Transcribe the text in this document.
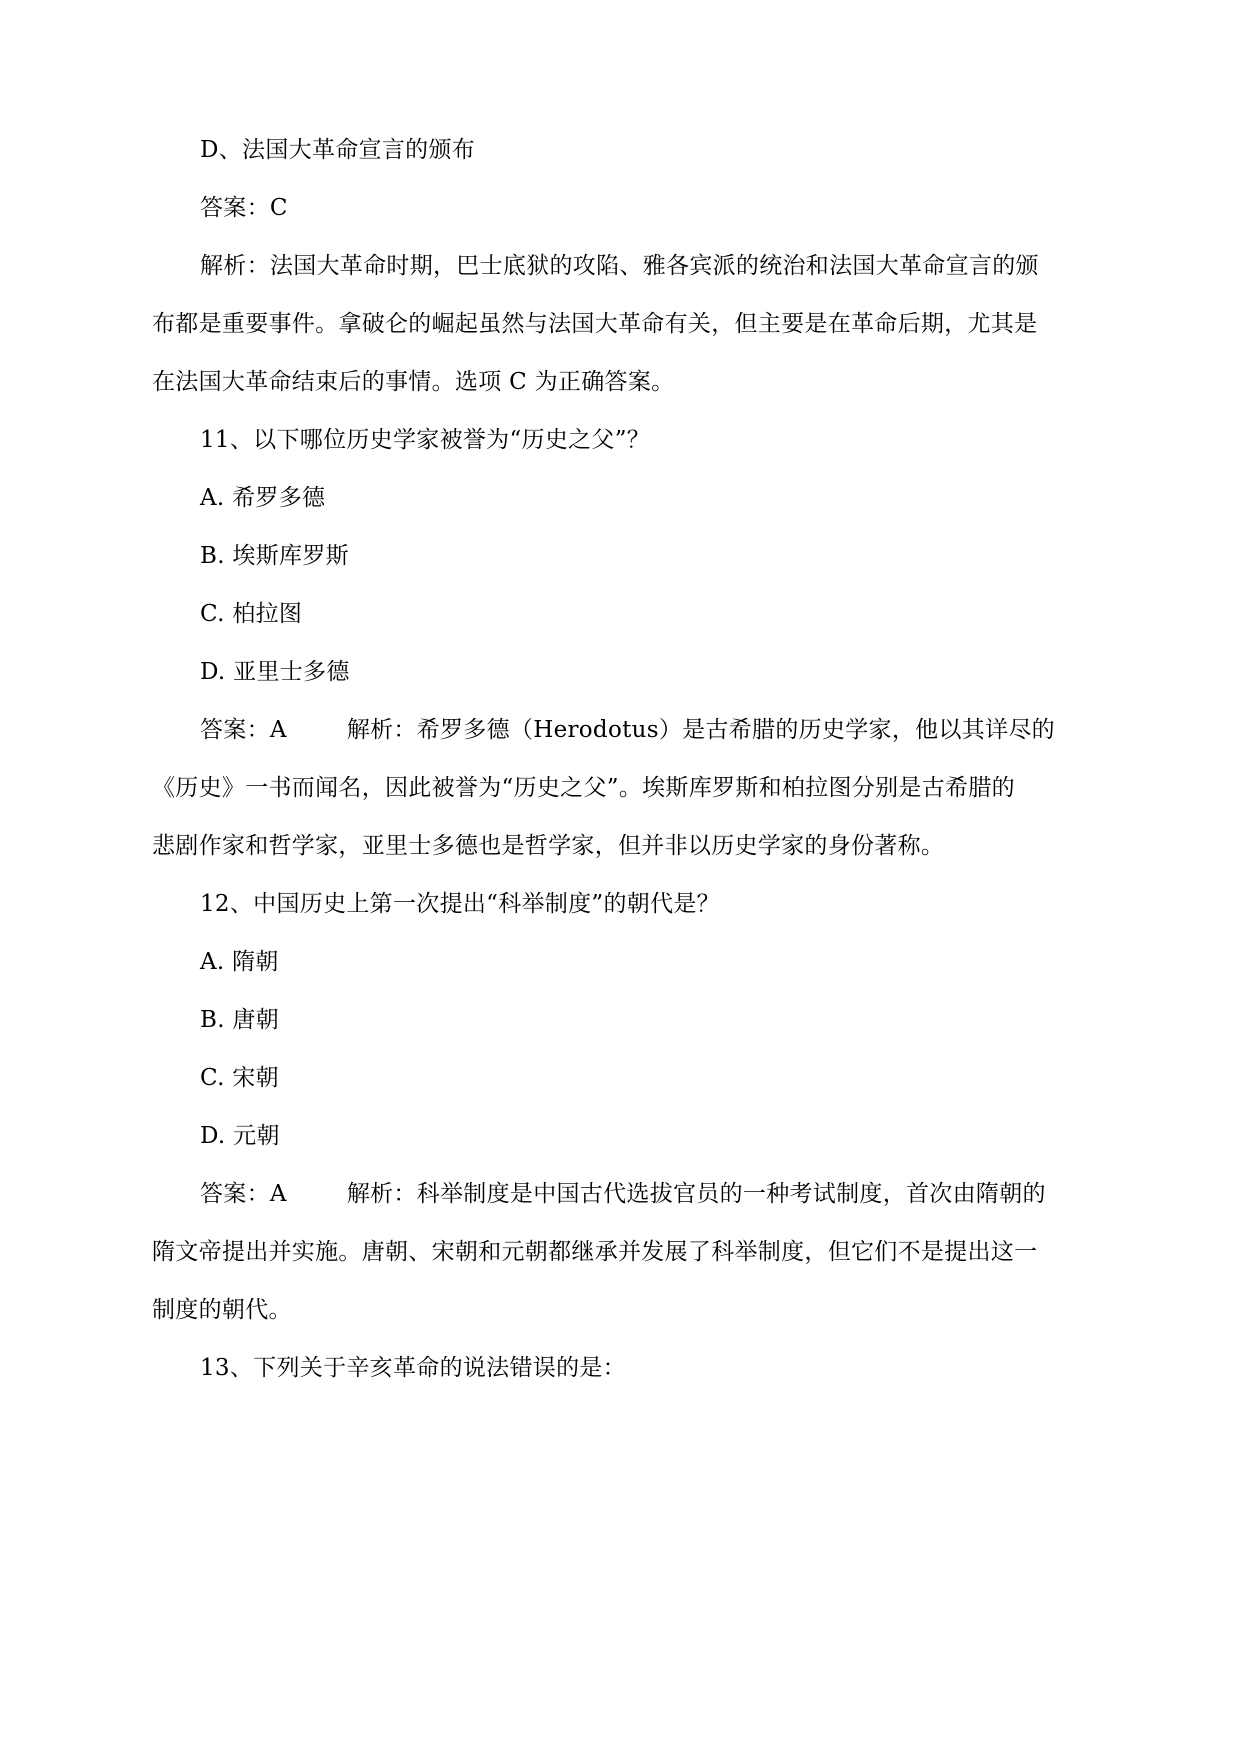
D、法国大革命宣言的颁布
答案：C
解析：法国大革命时期，巴士底狱的攻陷、雅各宾派的统治和法国大革命宣言的颁
布都是重要事件。拿破仑的崛起虽然与法国大革命有关，但主要是在革命后期，尤其是
在法国大革命结束后的事情。选项 C 为正确答案。
11、以下哪位历史学家被誉为“历史之父”？
A. 希罗多德
B. 埃斯库罗斯
C. 柏拉图
D. 亚里士多德
答案：A	解析：希罗多德（Herodotus）是古希腊的历史学家，他以其详尽的
《历史》一书而闻名，因此被誉为“历史之父”。埃斯库罗斯和柏拉图分别是古希腊的
悲剧作家和哲学家，亚里士多德也是哲学家，但并非以历史学家的身份著称。
12、中国历史上第一次提出“科举制度”的朝代是？
A. 隋朝
B. 唐朝
C. 宋朝
D. 元朝
答案：A	解析：科举制度是中国古代选拔官员的一种考试制度，首次由隋朝的
隋文帝提出并实施。唐朝、宋朝和元朝都继承并发展了科举制度，但它们不是提出这一
制度的朝代。
13、下列关于辛亥革命的说法错误的是：
